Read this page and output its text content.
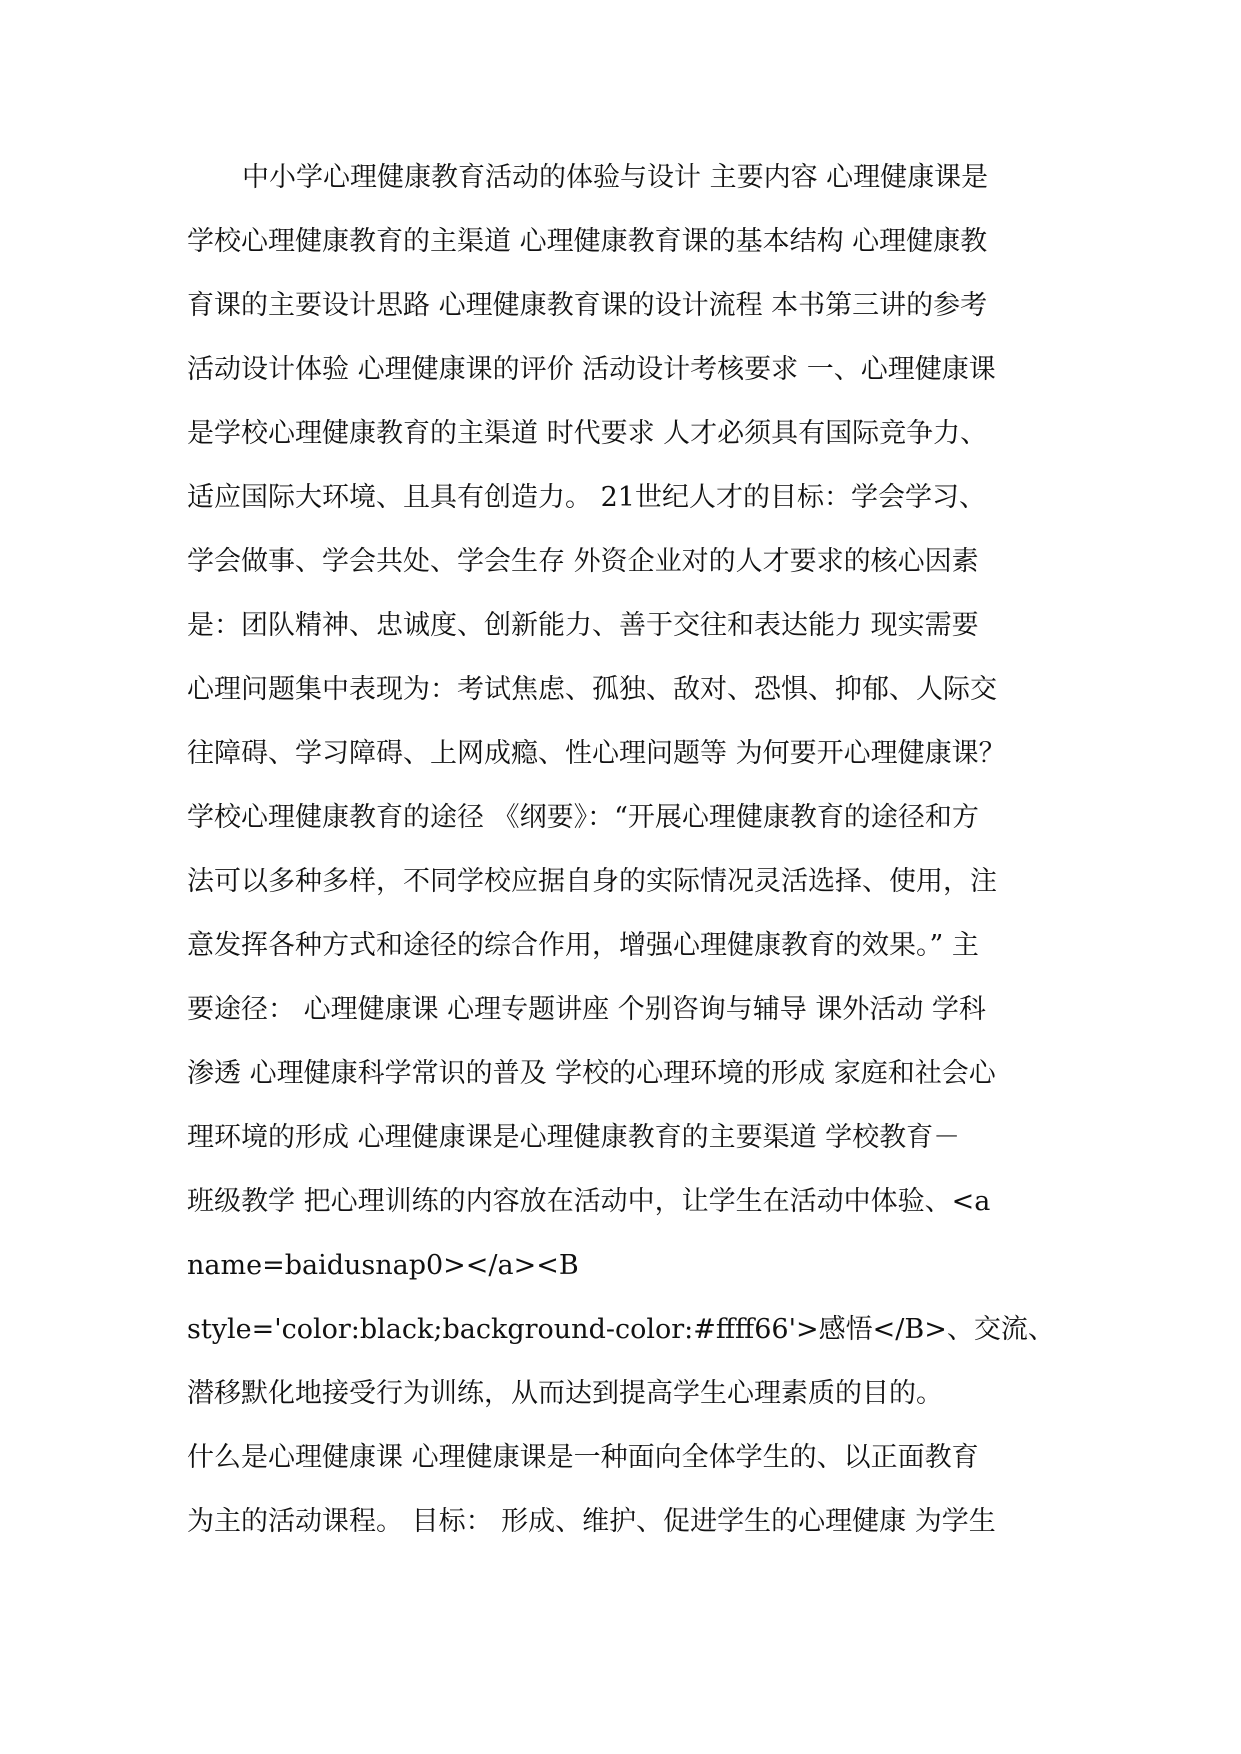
中小学心理健康教育活动的体验与设计 主要内容 心理健康课是
学校心理健康教育的主渠道 心理健康教育课的基本结构 心理健康教
育课的主要设计思路 心理健康教育课的设计流程 本书第三讲的参考
活动设计体验 心理健康课的评价 活动设计考核要求 一、心理健康课
是学校心理健康教育的主渠道 时代要求 人才必须具有国际竞争力、
适应国际大环境、且具有创造力。 21世纪人才的目标：学会学习、
学会做事、学会共处、学会生存 外资企业对的人才要求的核心因素
是：团队精神、忠诚度、创新能力、善于交往和表达能力 现实需要
心理问题集中表现为：考试焦虑、孤独、敌对、恐惧、抑郁、人际交
往障碍、学习障碍、上网成瘾、性心理问题等 为何要开心理健康课？
学校心理健康教育的途径 《纲要》：“开展心理健康教育的途径和方
法可以多种多样，不同学校应据自身的实际情况灵活选择、使用，注
意发挥各种方式和途径的综合作用，增强心理健康教育的效果。” 主
要途径： 心理健康课 心理专题讲座 个别咨询与辅导 课外活动 学科
渗透 心理健康科学常识的普及 学校的心理环境的形成 家庭和社会心
理环境的形成 心理健康课是心理健康教育的主要渠道 学校教育－
班级教学 把心理训练的内容放在活动中，让学生在活动中体验、<a
name=baidusnap0></a><B
style='color:black;background-color:#ffff66'>感悟</B>、交流、
潜移默化地接受行为训练，从而达到提高学生心理素质的目的。
什么是心理健康课 心理健康课是一种面向全体学生的、以正面教育
为主的活动课程。 目标： 形成、维护、促进学生的心理健康 为学生
